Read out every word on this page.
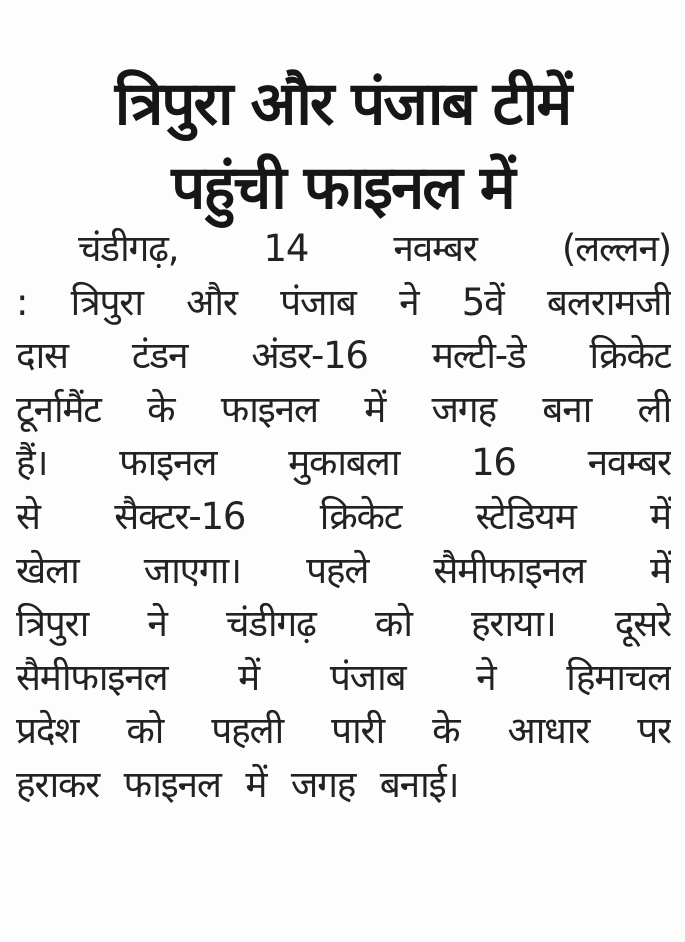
त्रिपुरा और पंजाब टीमें
पहुंची फाइनल में
चंडीगढ़, 14 नवम्बर (लल्लन)
: त्रिपुरा और पंजाब ने 5वें बलरामजी
दास टंडन अंडर-16 मल्टी-डे क्रिकेट
टूर्नामैंट के फाइनल में जगह बना ली
हैं। फाइनल मुकाबला 16 नवम्बर
से सैक्टर-16 क्रिकेट स्टेडियम में
खेला जाएगा। पहले सैमीफाइनल में
त्रिपुरा ने चंडीगढ़ को हराया। दूसरे
सैमीफाइनल में पंजाब ने हिमाचल
प्रदेश को पहली पारी के आधार पर
हराकर फाइनल में जगह बनाई।
